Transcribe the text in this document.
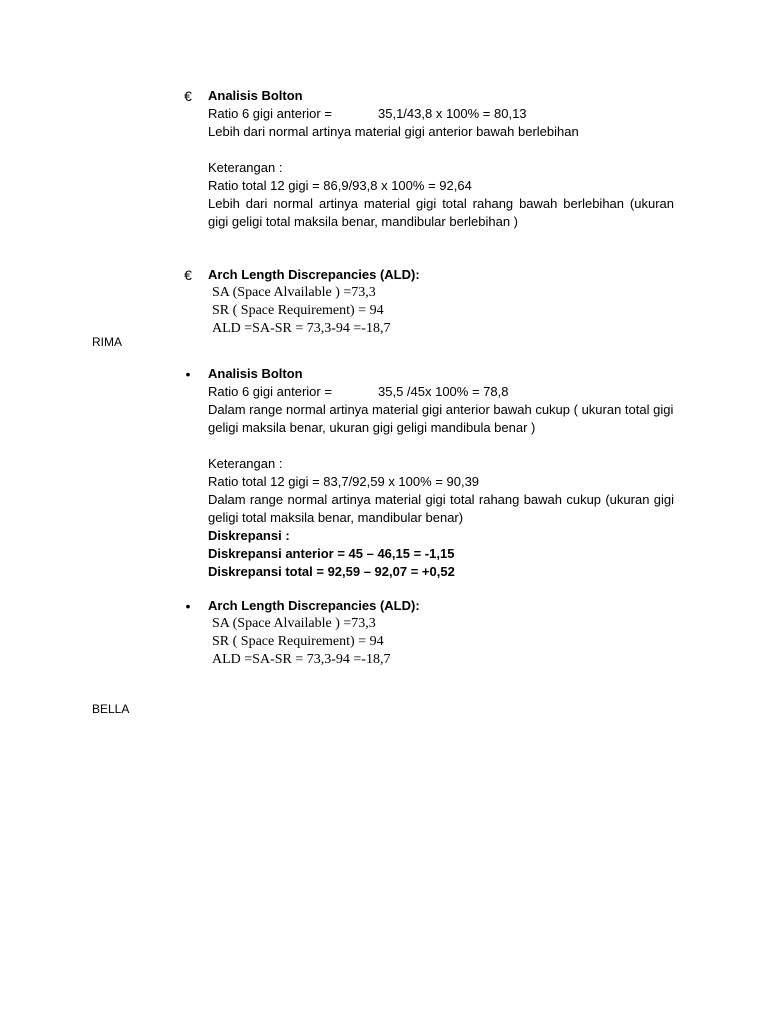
€	Analisis Bolton
Ratio 6 gigi anterior =	35,1/43,8 x 100% = 80,13
Lebih dari normal artinya material gigi anterior bawah berlebihan
Keterangan :
Ratio total 12 gigi = 86,9/93,8 x 100% = 92,64
Lebih dari normal artinya material gigi total rahang bawah berlebihan (ukuran gigi geligi total maksila benar, mandibular berlebihan )
€	Arch Length Discrepancies (ALD):
SA (Space Alvailable ) =73,3
SR ( Space Requirement) = 94
ALD =SA-SR = 73,3-94 =-18,7
RIMA
•	Analisis Bolton
Ratio 6 gigi anterior =	35,5 /45x 100% = 78,8
Dalam range normal artinya material gigi anterior bawah cukup ( ukuran total gigi geligi maksila benar, ukuran gigi geligi mandibula benar )
Keterangan :
Ratio total 12 gigi = 83,7/92,59 x 100% = 90,39
Dalam range normal artinya material gigi total rahang bawah cukup (ukuran gigi geligi total maksila benar, mandibular benar)
Diskrepansi :
Diskrepansi anterior = 45 – 46,15 = -1,15
Diskrepansi total = 92,59 – 92,07 = +0,52
•	Arch Length Discrepancies (ALD):
SA (Space Alvailable ) =73,3
SR ( Space Requirement) = 94
ALD =SA-SR = 73,3-94 =-18,7
BELLA
